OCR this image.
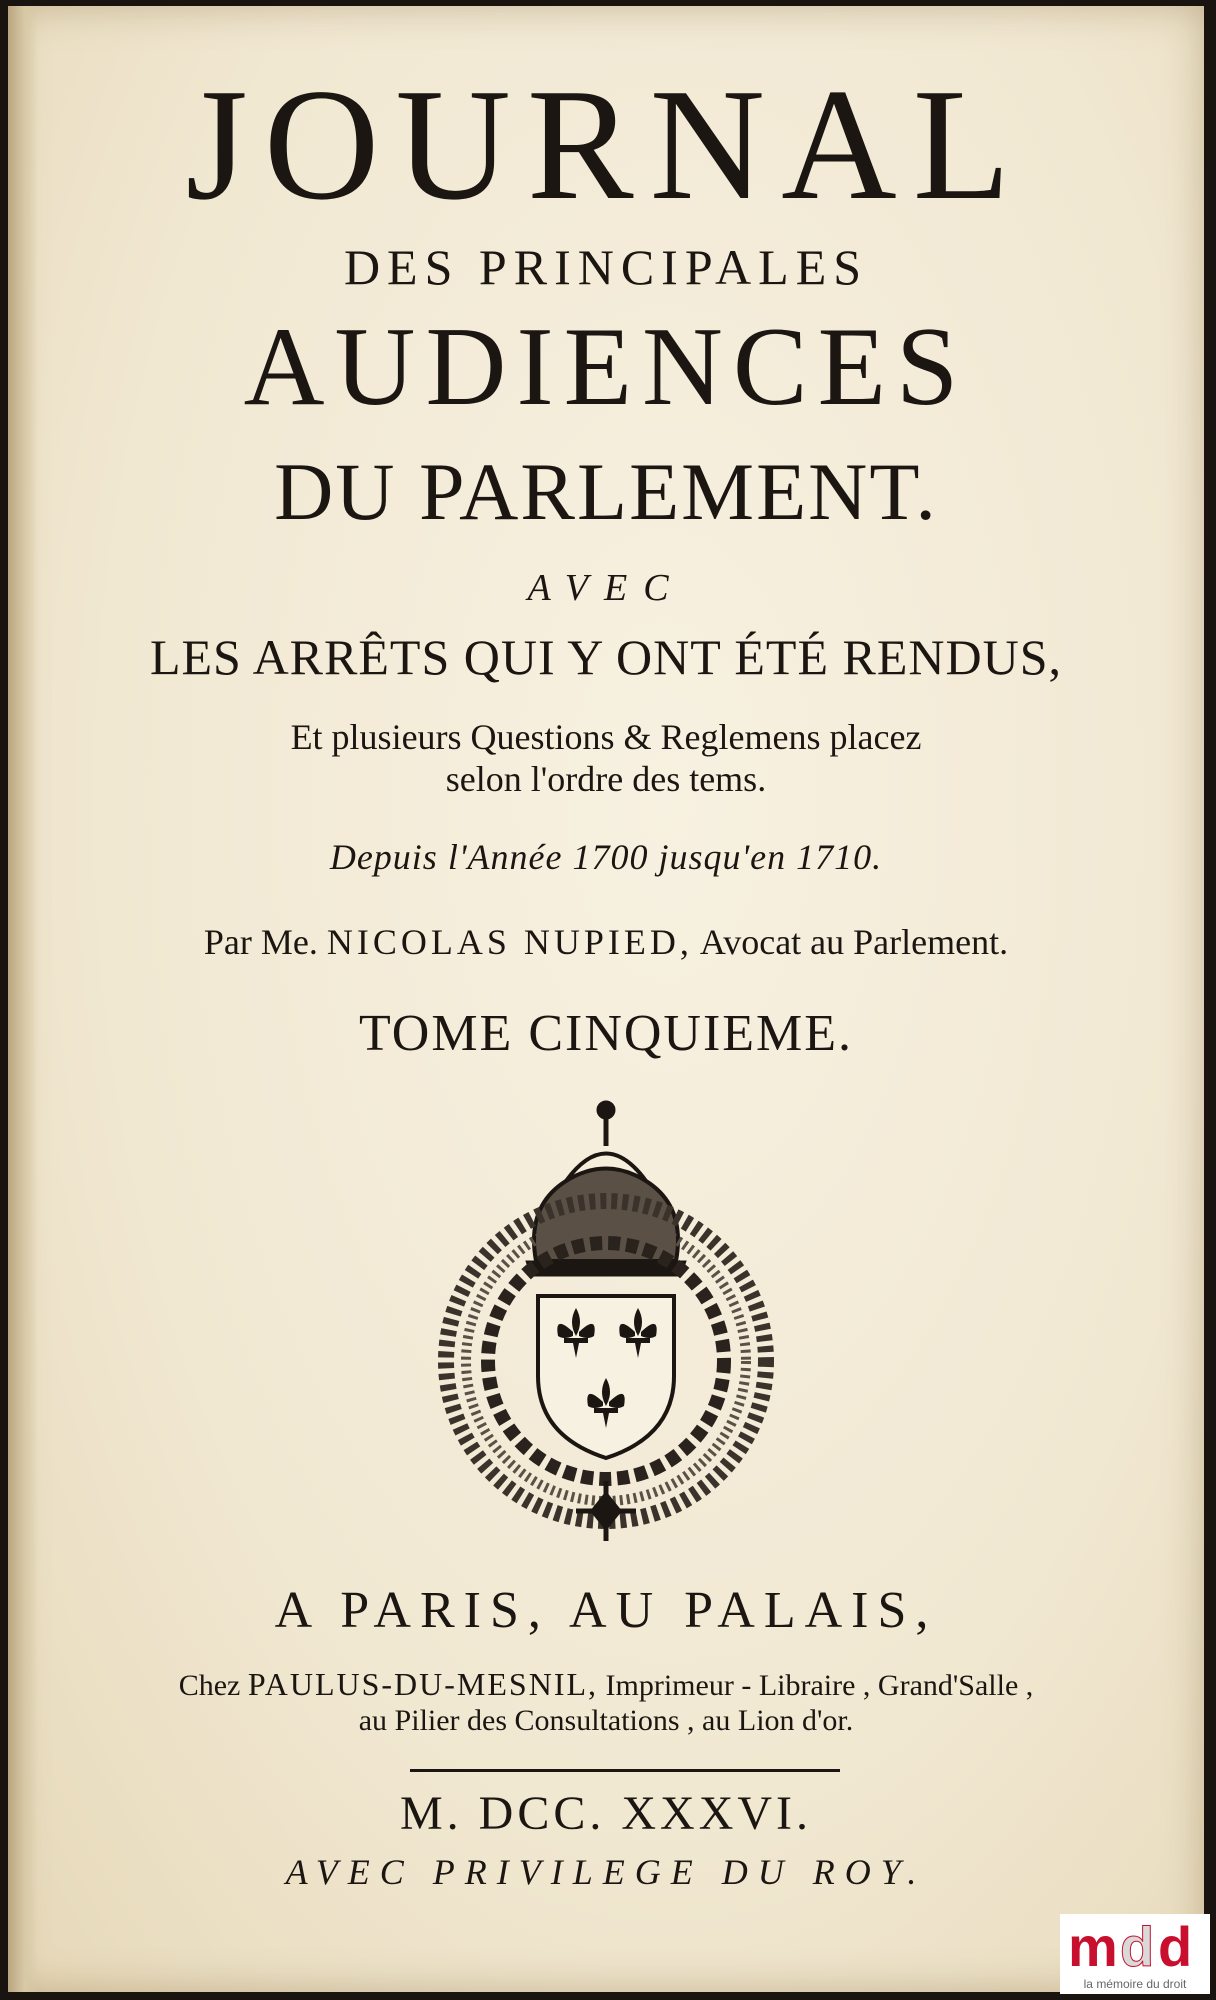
JOURNAL
DES PRINCIPALES
AUDIENCES
DU PARLEMENT.
AVEC
LES ARRÊTS QUI Y ONT ÉTÉ RENDUS,
Et plusieurs Questions & Reglemens placez
selon l'ordre des tems.
Depuis l'Année 1700 jusqu'en 1710.
Par Me. NICOLAS NUPIED, Avocat au Parlement.
TOME CINQUIEME.
A PARIS, AU PALAIS,
Chez PAULUS-DU-MESNIL, Imprimeur - Libraire , Grand'Salle ,
au Pilier des Consultations , au Lion d'or.
M. DCC. XXXVI.
AVEC PRIVILEGE DU ROY.
m d d
la mémoire du droit
